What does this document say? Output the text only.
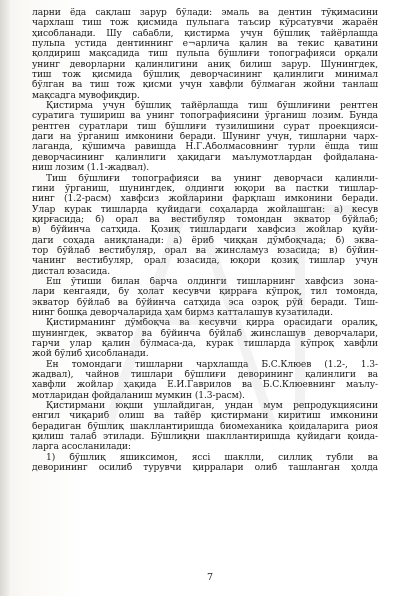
ларни ёда сақлаш зарур бўлади: эмаль ва дентин тўқимасини
чархлаш тиш тож қисмида пульпага таъсир кўрсатувчи жараён
ҳисобланади. Шу сабабли, қистирма учун бўшлиқ тайёрлашда
пульпа устида дентиннинг е¬арлича қалин ва текис қаватини
қолдириш мақсадида тиш пульпа бўшлиғи топографияси орқали
унинг деворларни қалинлигини аниқ билиш зарур. Шунингдек,
тиш тож қисмида бўшлиқ деворчасининг қалинлиги минимал
бўлган ва тиш тож қисми учун хавфли бўлмаган жойни танлаш
мақсадга мувофиқдир.
Қистирма учун бўшлиқ тайёрлашда тиш бўшлиғини рентген
суратига тушириш ва унинг топографиясини ўрганиш лозим. Бунда
рентген суратлари тиш бўшлиғи тузилишини сурат проекцияси-
даги на ўрганиш имконини беради. Шунинг учун, тишларни чарх-
лаганда, қўшимча равишда Н.Г.Аболмасовнинг турли ёшда тиш
деворчасининг қалинлиги ҳақидаги маълумотлардан фойдалана-
ниш лозим (1.1-жадвал).
Тиш бўшлиғи топографияси ва унинг деворчаси қалинли-
гини ўрганиш, шунингдек, олдинги юқори ва пастки тишлар-
нинг (1.2-расм) хавфсиз жойларини фарқлаш имконини беради.
Улар курак тишларда қуйидаги соҳаларда жойлашган: а) кесув
қирғасида; б) орал ва вестибуляр томондан экватор бўйлаб;
в) бўйинча сатҳида. Қозиқ тишлардаги хавфсиз жойлар қуйи-
даги соҳада аниқланади: а) ёриб чиққан дўмбоқчада; б) эква-
тор бўйлаб вестибуляр, орал ва жинсламуз юзасида; в) бўйин-
чанинг вестибуляр, орал юзасида, юқори қозиқ тишлар учун
дистал юзасида.
Ёш ўтиши билан барча олдинги тишларнинг хавфсиз зона-
лари кенгаяди, бу ҳолат кесувчи қирраға кўпроқ, тил томонда,
экватор бўйлаб ва бўйинча сатҳида эса озроқ рўй беради. Тиш-
нинг бошқа деворчаларида ҳам бирмз катталашув кузатилади.
Қистирманинг дўмбоқча ва кесувчи қирра орасидаги оралиқ,
шунингдек, экватор ва бўйинча бўйлаб жинслашув деворчалари,
гарчи улар қалин бўлмаса-да, курак тишларда кўпроқ хавфли
жой бўлиб ҳисобланади.
Ён томондаги тишларни чархлашда Б.С.Клюев (1.2-, 1.3-
жадвал), чайнов тишлари бўшлиғи деворининг қалинлиги ва
хавфли жойлар ҳақида Е.И.Гаврилов ва Б.С.Клюевнинг маълу-
мотларидан фойдаланиш мумкин (1.3-расм).
Қистирмани юқши ушлайдиган, ундан мум репродукциясини
енгил чиқариб олиш ва тайёр қистирмани киритиш имконини
берадиган бўшлиқ шакллантиришда биомеханика қоидаларига риоя
қилиш талаб этилади. Бўшлиқни шакллантиришда қуйидаги қоида-
ларга асосланилади:
1) бўшлиқ яшиксимон, яссі шаклли, силлиқ тубли ва
деворининг осилиб турувчи қирралари олиб ташланган ҳолда
7
